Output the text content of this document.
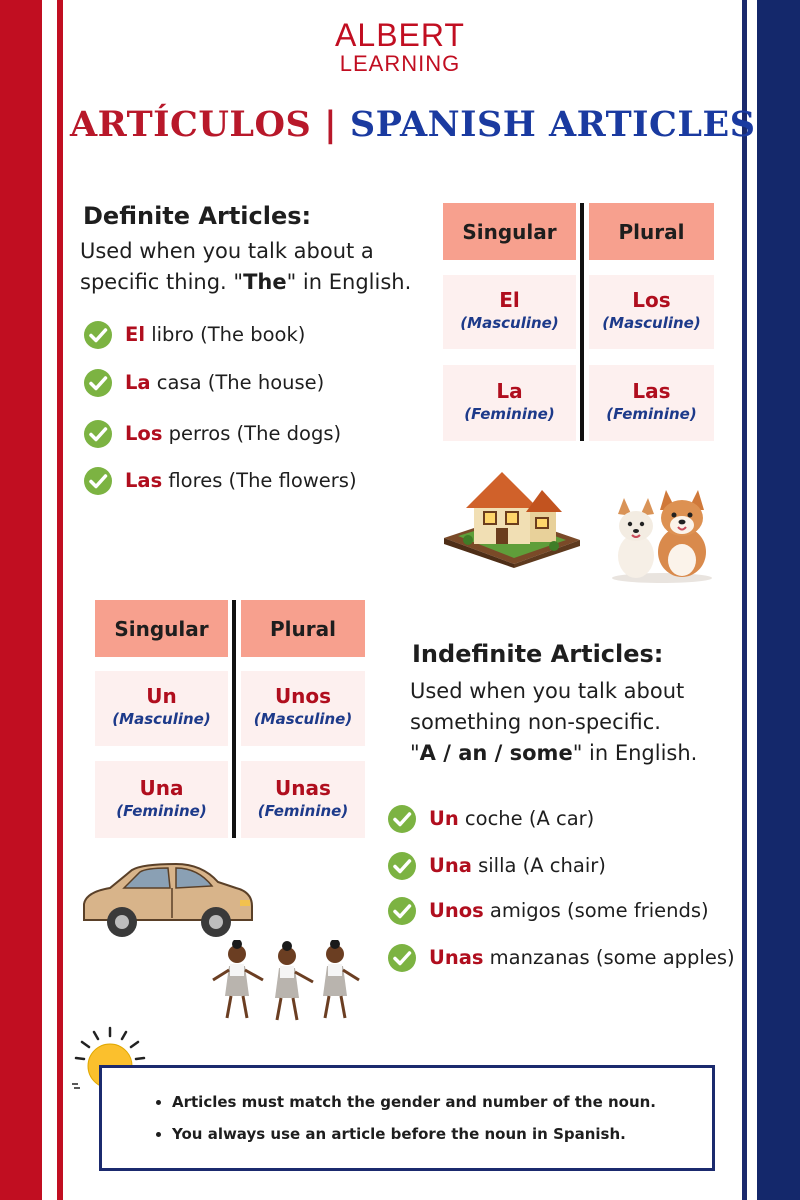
ALBERT
LEARNING
ARTÍCULOS | SPANISH ARTICLES
Definite Articles:
Used when you talk about a
specific thing. "The" in English.
El libro (The book)
La casa (The house)
Los perros (The dogs)
Las flores (The flowers)
Singular	Plural
El
(Masculine)
Los
(Masculine)
La
(Feminine)
Las
(Feminine)
Singular	Plural
Un
(Masculine)
Unos
(Masculine)
Una
(Feminine)
Unas
(Feminine)
Indefinite Articles:
Used when you talk about
something non-specific.
"A / an / some" in English.
Un coche (A car)
Una silla (A chair)
Unos amigos (some friends)
Unas manzanas (some apples)
• Articles must match the gender and number of the noun.
• You always use an article before the noun in Spanish.
